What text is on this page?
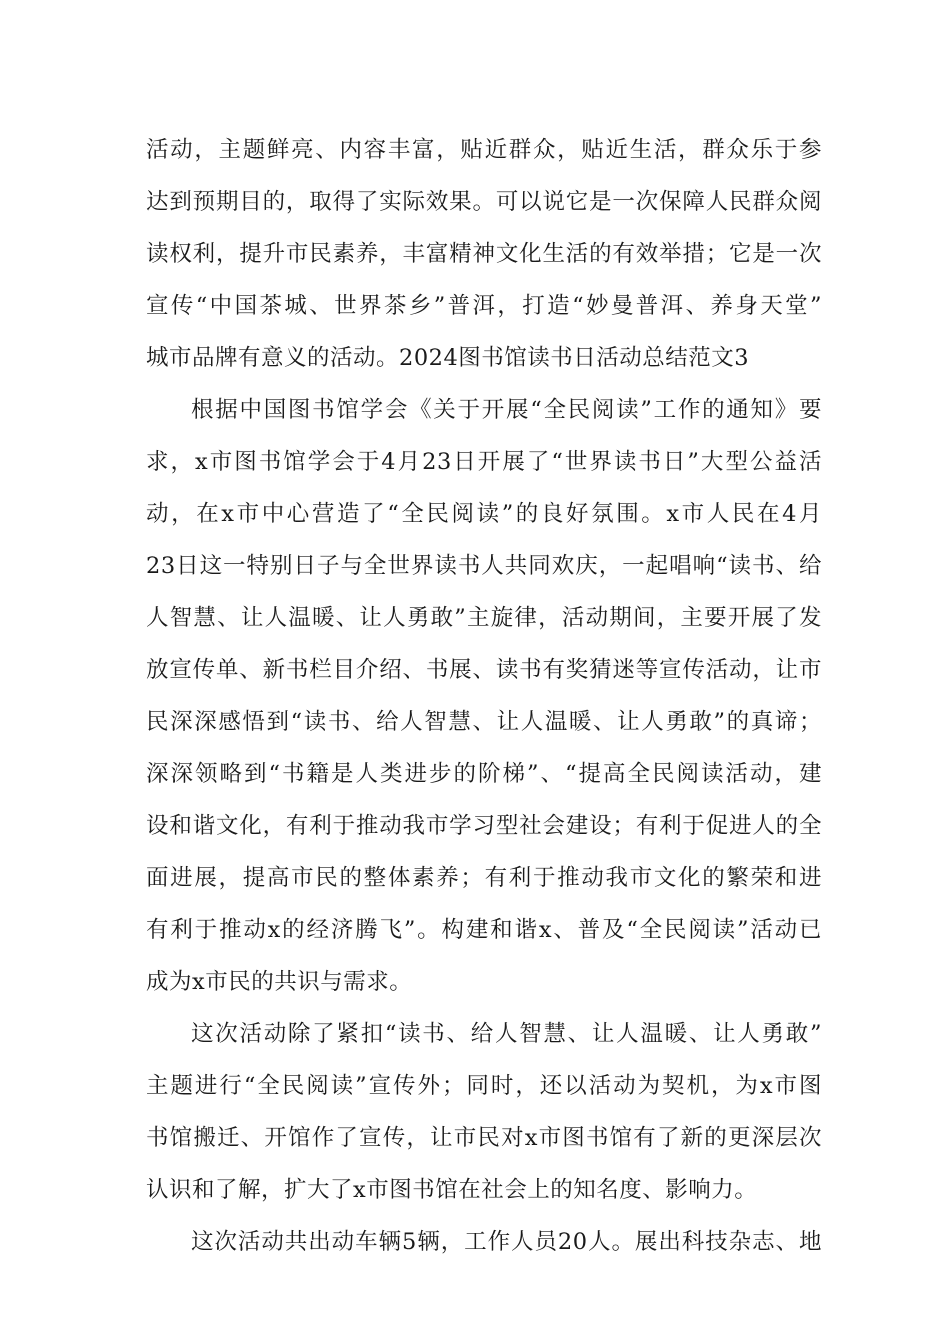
活动，主题鲜亮、内容丰富，贴近群众，贴近生活，群众乐于参
达到预期目的，取得了实际效果。可以说它是一次保障人民群众阅
读权利，提升市民素养，丰富精神文化生活的有效举措；它是一次
宣传“中国茶城、世界茶乡”普洱，打造“妙曼普洱、养身天堂”
城市品牌有意义的活动。2024图书馆读书日活动总结范文3
根据中国图书馆学会《关于开展“全民阅读”工作的通知》要
求，x市图书馆学会于4月23日开展了“世界读书日”大型公益活
动，在x市中心营造了“全民阅读”的良好氛围。x市人民在4月
23日这一特别日子与全世界读书人共同欢庆，一起唱响“读书、给
人智慧、让人温暖、让人勇敢”主旋律，活动期间，主要开展了发
放宣传单、新书栏目介绍、书展、读书有奖猜迷等宣传活动，让市
民深深感悟到“读书、给人智慧、让人温暖、让人勇敢”的真谛；
深深领略到“书籍是人类进步的阶梯”、“提高全民阅读活动，建
设和谐文化，有利于推动我市学习型社会建设；有利于促进人的全
面进展，提高市民的整体素养；有利于推动我市文化的繁荣和进
有利于推动x的经济腾飞”。构建和谐x、普及“全民阅读”活动已
成为x市民的共识与需求。
这次活动除了紧扣“读书、给人智慧、让人温暖、让人勇敢”
主题进行“全民阅读”宣传外；同时，还以活动为契机，为x市图
书馆搬迁、开馆作了宣传，让市民对x市图书馆有了新的更深层次
认识和了解，扩大了x市图书馆在社会上的知名度、影响力。
这次活动共出动车辆5辆，工作人员20人。展出科技杂志、地
